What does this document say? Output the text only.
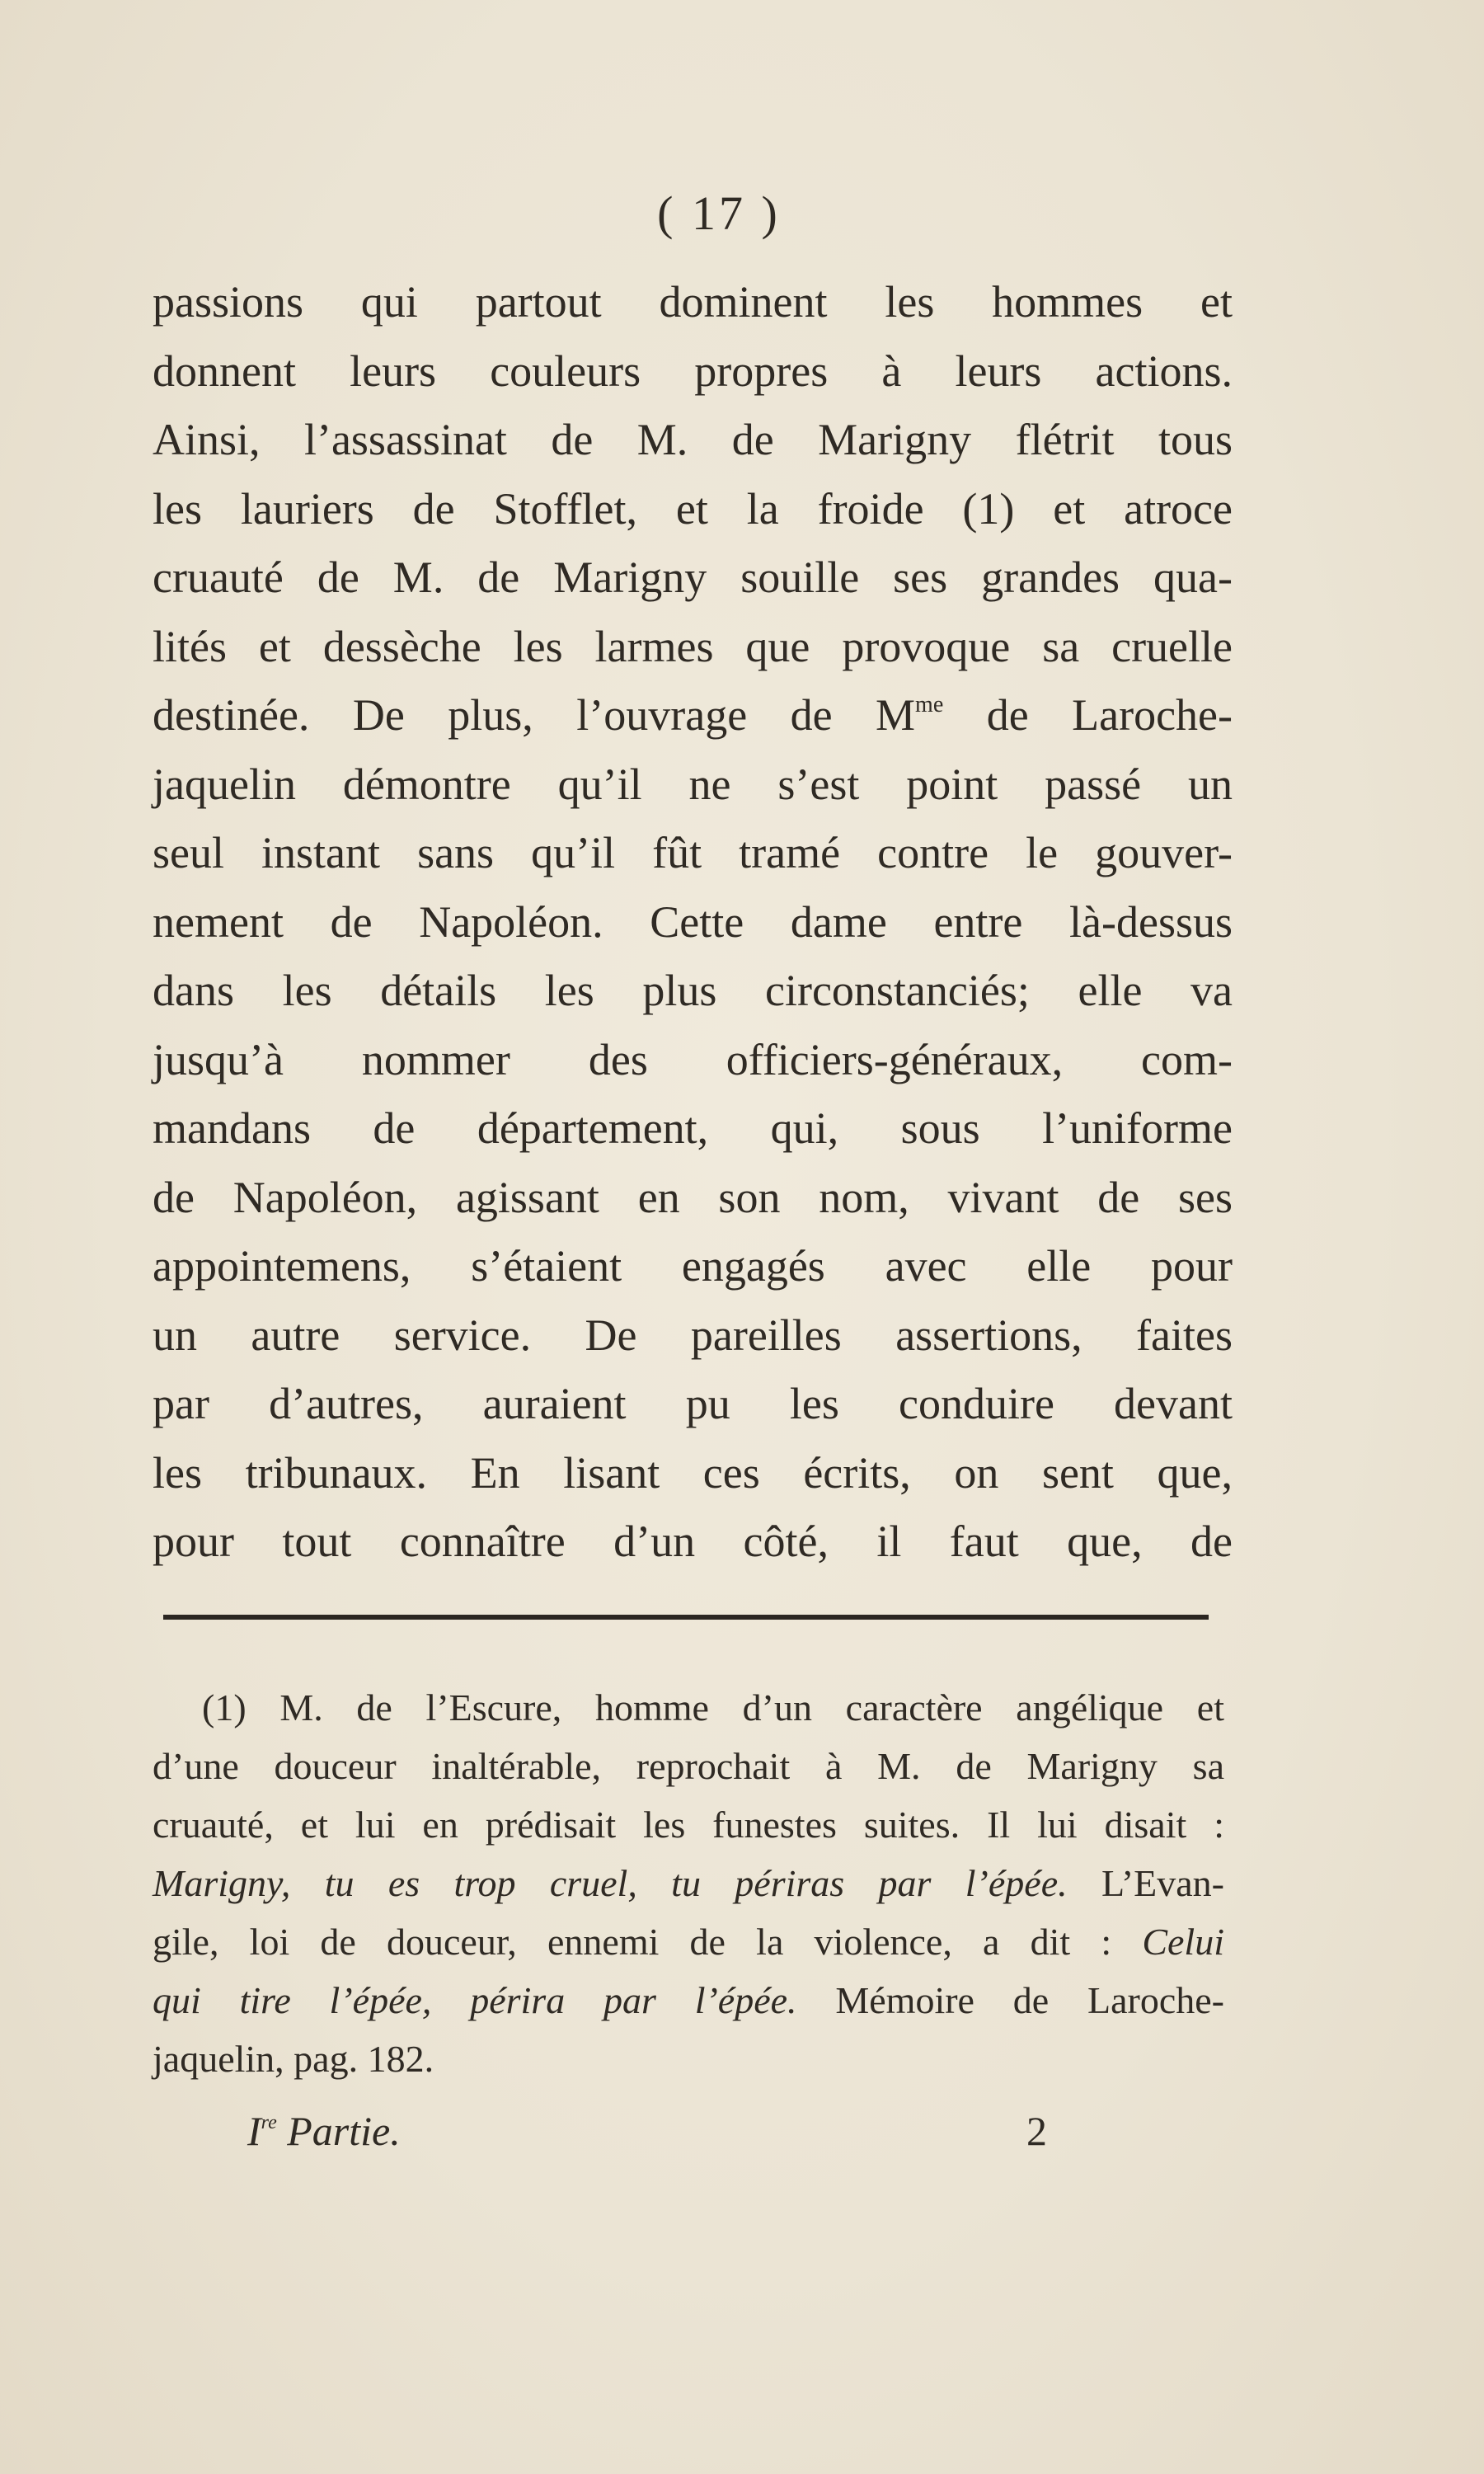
( 17 )
passions qui partout dominent les hommes et
donnent leurs couleurs propres à leurs actions.
Ainsi, l’assassinat de M. de Marigny flétrit tous
les lauriers de Stofflet, et la froide (1) et atroce
cruauté de M. de Marigny souille ses grandes qua-
lités et dessèche les larmes que provoque sa cruelle
destinée. De plus, l’ouvrage de $M^{me}$ de Laroche-
jaquelin démontre qu’il ne s’est point passé un
seul instant sans qu’il fût tramé contre le gouver-
nement de Napoléon. Cette dame entre là-dessus
dans les détails les plus circonstanciés; elle va
jusqu’à nommer des officiers-généraux, com-
mandans de département, qui, sous l’uniforme
de Napoléon, agissant en son nom, vivant de ses
appointemens, s’étaient engagés avec elle pour
un autre service. De pareilles assertions, faites
par d’autres, auraient pu les conduire devant
les tribunaux. En lisant ces écrits, on sent que,
pour tout connaître d’un côté, il faut que, de
(1) M. de l’Escure, homme d’un caractère angélique et
d’une douceur inaltérable, reprochait à M. de Marigny sa
cruauté, et lui en prédisait les funestes suites. Il lui disait :
Marigny, tu es trop cruel, tu périras par l’épée. L’Evan-
gile, loi de douceur, ennemi de la violence, a dit : Celui
qui tire l’épée, périra par l’épée. Mémoire de Laroche-
jaquelin, pag. 182.
Ire Partie.	2
